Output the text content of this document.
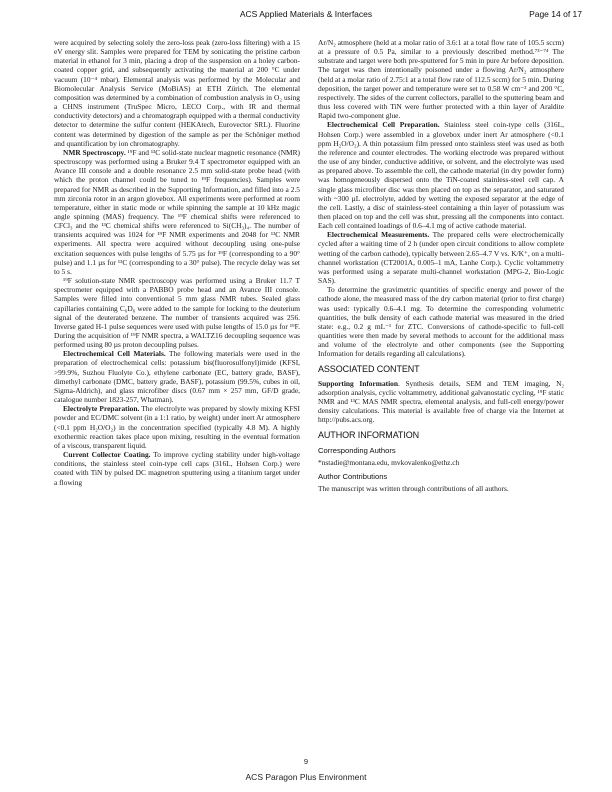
ACS Applied Materials & Interfaces	Page 14 of 17

were acquired by selecting solely the zero-loss peak (zero-loss filtering) with a 15 eV energy slit. Samples were prepared for TEM by sonicating the pristine carbon material in ethanol for 3 min, placing a drop of the suspension on a holey carbon-coated copper grid, and subsequently activating the material at 200 °C under vacuum (10⁻⁴ mbar). Elemental analysis was performed by the Molecular and Biomolecular Analysis Service (MoBiAS) at ETH Zürich. The elemental composition was determined by a combination of combustion analysis in O₂ using a CHNS instrument (TruSpec Micro, LECO Corp., with IR and thermal conductivity detectors) and a chromatograph equipped with a thermal conductivity detector to determine the sulfur content (HEKAtech, Eurovector SRL). Fluorine content was determined by digestion of the sample as per the Schöniger method and quantification by ion chromatography.

NMR Spectroscopy. ¹⁹F and ¹³C solid-state nuclear magnetic resonance (NMR) spectroscopy was performed using a Bruker 9.4 T spectrometer equipped with an Avance III console and a double resonance 2.5 mm solid-state probe head (with which the proton channel could be tuned to ¹⁹F frequencies). Samples were prepared for NMR as described in the Supporting Information, and filled into a 2.5 mm zirconia rotor in an argon glovebox. All experiments were performed at room temperature, either in static mode or while spinning the sample at 10 kHz magic angle spinning (MAS) frequency. The ¹⁹F chemical shifts were referenced to CFCl₃ and the ¹³C chemical shifts were referenced to Si(CH₃)₄. The number of transients acquired was 1024 for ¹⁹F NMR experiments and 2048 for ¹³C NMR experiments. All spectra were acquired without decoupling using one-pulse excitation sequences with pulse lengths of 5.75 µs for ¹⁹F (corresponding to a 90° pulse) and 1.1 µs for ¹³C (corresponding to a 30° pulse). The recycle delay was set to 5 s.

¹⁹F solution-state NMR spectroscopy was performed using a Bruker 11.7 T spectrometer equipped with a PABBO probe head and an Avance III console. Samples were filled into conventional 5 mm glass NMR tubes. Sealed glass capillaries containing C₆D₆ were added to the sample for locking to the deuterium signal of the deuterated benzene. The number of transients acquired was 256. Inverse gated H-1 pulse sequences were used with pulse lengths of 15.0 µs for ¹⁹F. During the acquisition of ¹⁹F NMR spectra, a WALTZ16 decoupling sequence was performed using 80 µs proton decoupling pulses.

Electrochemical Cell Materials. The following materials were used in the preparation of electrochemical cells: potassium bis(fluorosulfonyl)imide (KFSI, >99.9%, Suzhou Fluolyte Co.), ethylene carbonate (EC, battery grade, BASF), dimethyl carbonate (DMC, battery grade, BASF), potassium (99.5%, cubes in oil, Sigma-Aldrich), and glass microfiber discs (0.67 mm × 257 mm, GF/D grade, catalogue number 1823-257, Whatman).

Electrolyte Preparation. The electrolyte was prepared by slowly mixing KFSI powder and EC/DMC solvent (in a 1:1 ratio, by weight) under inert Ar atmosphere (<0.1 ppm H₂O/O₂) in the concentration specified (typically 4.8 M). A highly exothermic reaction takes place upon mixing, resulting in the eventual formation of a viscous, transparent liquid.

Current Collector Coating. To improve cycling stability under high-voltage conditions, the stainless steel coin-type cell caps (316L, Hohsen Corp.) were coated with TiN by pulsed DC magnetron sputtering using a titanium target under a flowing

Ar/N₂ atmosphere (held at a molar ratio of 3.6:1 at a total flow rate of 105.5 sccm) at a pressure of 0.5 Pa, similar to a previously described method.⁷³⁻⁷⁴ The substrate and target were both pre-sputtered for 5 min in pure Ar before deposition. The target was then intentionally poisoned under a flowing Ar/N₂ atmosphere (held at a molar ratio of 2.75:1 at a total flow rate of 112.5 sccm) for 5 min. During deposition, the target power and temperature were set to 0.58 W cm⁻² and 200 °C, respectively. The sides of the current collectors, parallel to the sputtering beam and thus less covered with TiN were further protected with a thin layer of Araldite Rapid two-component glue.

Electrochemical Cell Preparation. Stainless steel coin-type cells (316L, Hohsen Corp.) were assembled in a glovebox under inert Ar atmosphere (<0.1 ppm H₂O/O₂). A thin potassium film pressed onto stainless steel was used as both the reference and counter electrodes. The working electrode was prepared without the use of any binder, conductive additive, or solvent, and the electrolyte was used as prepared above. To assemble the cell, the cathode material (in dry powder form) was homogeneously dispersed onto the TiN-coated stainless-steel cell cap. A single glass microfiber disc was then placed on top as the separator, and saturated with ~300 µL electrolyte, added by wetting the exposed separator at the edge of the cell. Lastly, a disc of stainless-steel containing a thin layer of potassium was then placed on top and the cell was shut, pressing all the components into contact. Each cell contained loadings of 0.6–4.1 mg of active cathode material.

Electrochemical Measurements. The prepared cells were electrochemically cycled after a waiting time of 2 h (under open circuit conditions to allow complete wetting of the carbon cathode), typically between 2.65–4.7 V vs. K/K⁺, on a multi-channel workstation (CT2001A, 0.005–1 mA, Lanhe Corp.). Cyclic voltammetry was performed using a separate multi-channel workstation (MPG-2, Bio-Logic SAS).

To determine the gravimetric quantities of specific energy and power of the cathode alone, the measured mass of the dry carbon material (prior to first charge) was used: typically 0.6–4.1 mg. To determine the corresponding volumetric quantities, the bulk density of each cathode material was measured in the dried state: e.g., 0.2 g mL⁻¹ for ZTC. Conversions of cathode-specific to full-cell quantities were then made by several methods to account for the additional mass and volume of the electrolyte and other components (see the Supporting Information for details regarding all calculations).

ASSOCIATED CONTENT

Supporting Information. Synthesis details, SEM and TEM imaging, N₂ adsorption analysis, cyclic voltammetry, additional galvanostatic cycling, ¹⁹F static NMR and ¹³C MAS NMR spectra, elemental analysis, and full-cell energy/power density calculations. This material is available free of charge via the Internet at http://pubs.acs.org.

AUTHOR INFORMATION
Corresponding Authors

*nstadie@montana.edu, mvkovalenko@ethz.ch

Author Contributions

The manuscript was written through contributions of all authors.

9
ACS Paragon Plus Environment
